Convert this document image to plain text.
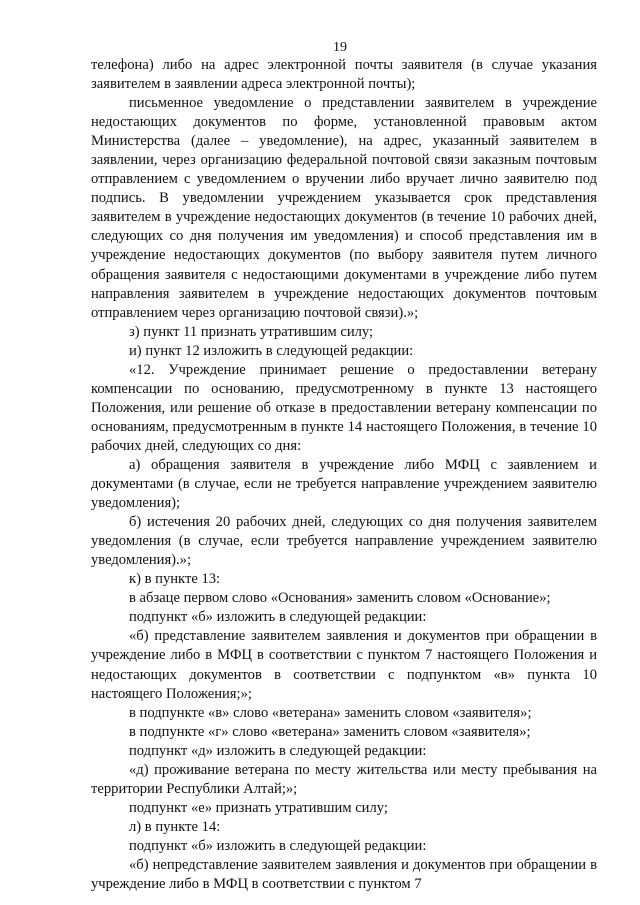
19

телефона) либо на адрес электронной почты заявителя (в случае указания заявителем в заявлении адреса электронной почты);

письменное уведомление о представлении заявителем в учреждение недостающих документов по форме, установленной правовым актом Министерства (далее – уведомление), на адрес, указанный заявителем в заявлении, через организацию федеральной почтовой связи заказным почтовым отправлением с уведомлением о вручении либо вручает лично заявителю под подпись. В уведомлении учреждением указывается срок представления заявителем в учреждение недостающих документов (в течение 10 рабочих дней, следующих со дня получения им уведомления) и способ представления им в учреждение недостающих документов (по выбору заявителя путем личного обращения заявителя с недостающими документами в учреждение либо путем направления заявителем в учреждение недостающих документов почтовым отправлением через организацию почтовой связи).»;

з) пункт 11 признать утратившим силу;

и) пункт 12 изложить в следующей редакции:

«12. Учреждение принимает решение о предоставлении ветерану компенсации по основанию, предусмотренному в пункте 13 настоящего Положения, или решение об отказе в предоставлении ветерану компенсации по основаниям, предусмотренным в пункте 14 настоящего Положения, в течение 10 рабочих дней, следующих со дня:

а) обращения заявителя в учреждение либо МФЦ с заявлением и документами (в случае, если не требуется направление учреждением заявителю уведомления);

б) истечения 20 рабочих дней, следующих со дня получения заявителем уведомления (в случае, если требуется направление учреждением заявителю уведомления).»;

к) в пункте 13:

в абзаце первом слово «Основания» заменить словом «Основание»;

подпункт «б» изложить в следующей редакции:

«б) представление заявителем заявления и документов при обращении в учреждение либо в МФЦ в соответствии с пунктом 7 настоящего Положения и недостающих документов в соответствии с подпунктом «в» пункта 10 настоящего Положения;»;

в подпункте «в» слово «ветерана» заменить словом «заявителя»;

в подпункте «г» слово «ветерана» заменить словом «заявителя»;

подпункт «д» изложить в следующей редакции:

«д) проживание ветерана по месту жительства или месту пребывания на территории Республики Алтай;»;

подпункт «е» признать утратившим силу;

л) в пункте 14:

подпункт «б» изложить в следующей редакции:

«б) непредставление заявителем заявления и документов при обращении в учреждение либо в МФЦ в соответствии с пунктом 7
